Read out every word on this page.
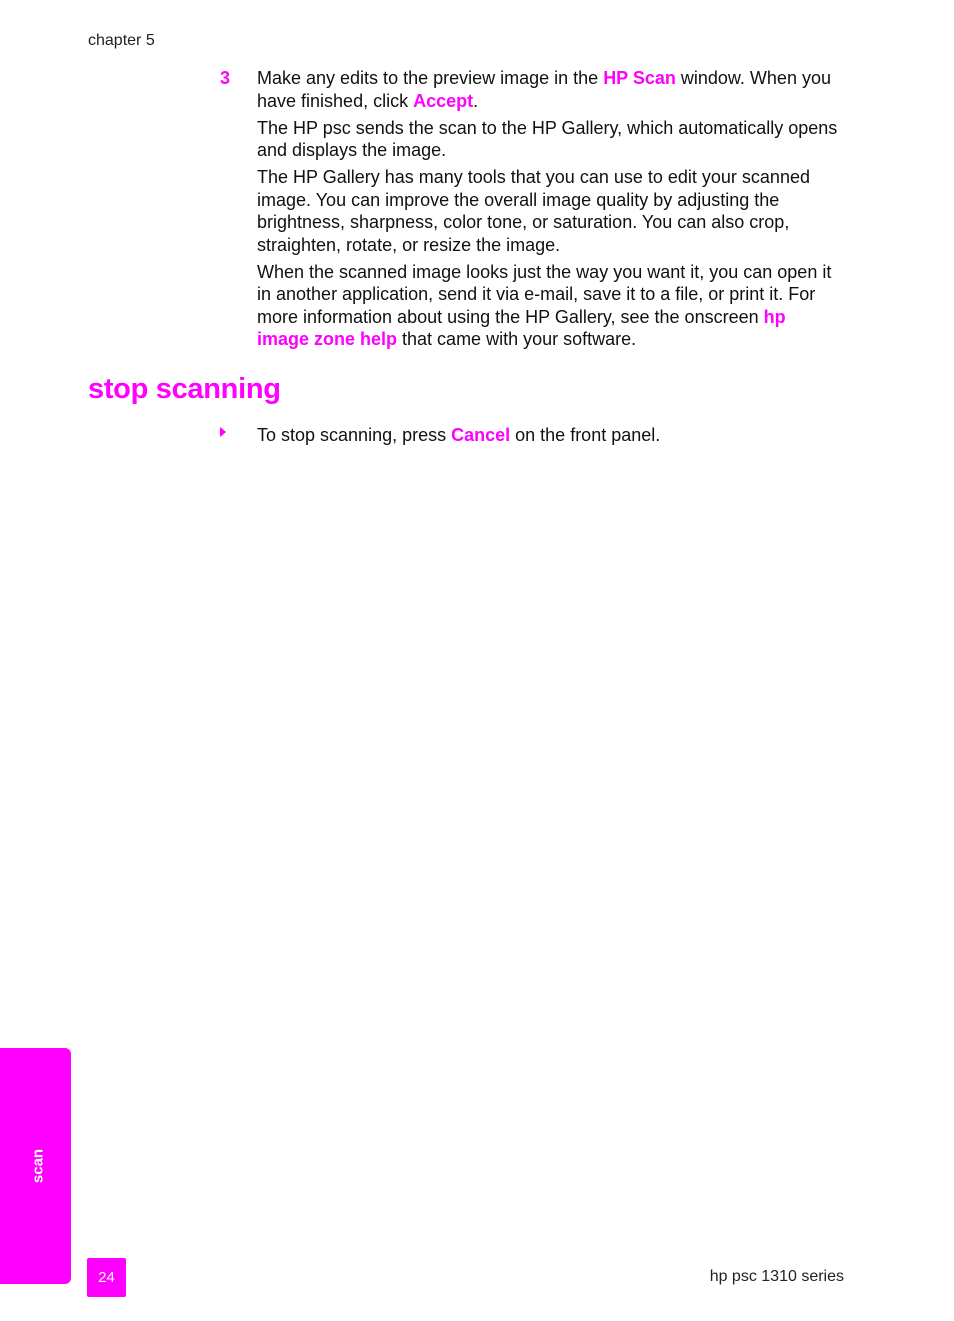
chapter 5
3 Make any edits to the preview image in the HP Scan window. When you have finished, click Accept.

The HP psc sends the scan to the HP Gallery, which automatically opens and displays the image.

The HP Gallery has many tools that you can use to edit your scanned image. You can improve the overall image quality by adjusting the brightness, sharpness, color tone, or saturation. You can also crop, straighten, rotate, or resize the image.

When the scanned image looks just the way you want it, you can open it in another application, send it via e-mail, save it to a file, or print it. For more information about using the HP Gallery, see the onscreen hp image zone help that came with your software.

stop scanning

To stop scanning, press Cancel on the front panel.

scan
24	hp psc 1310 series
